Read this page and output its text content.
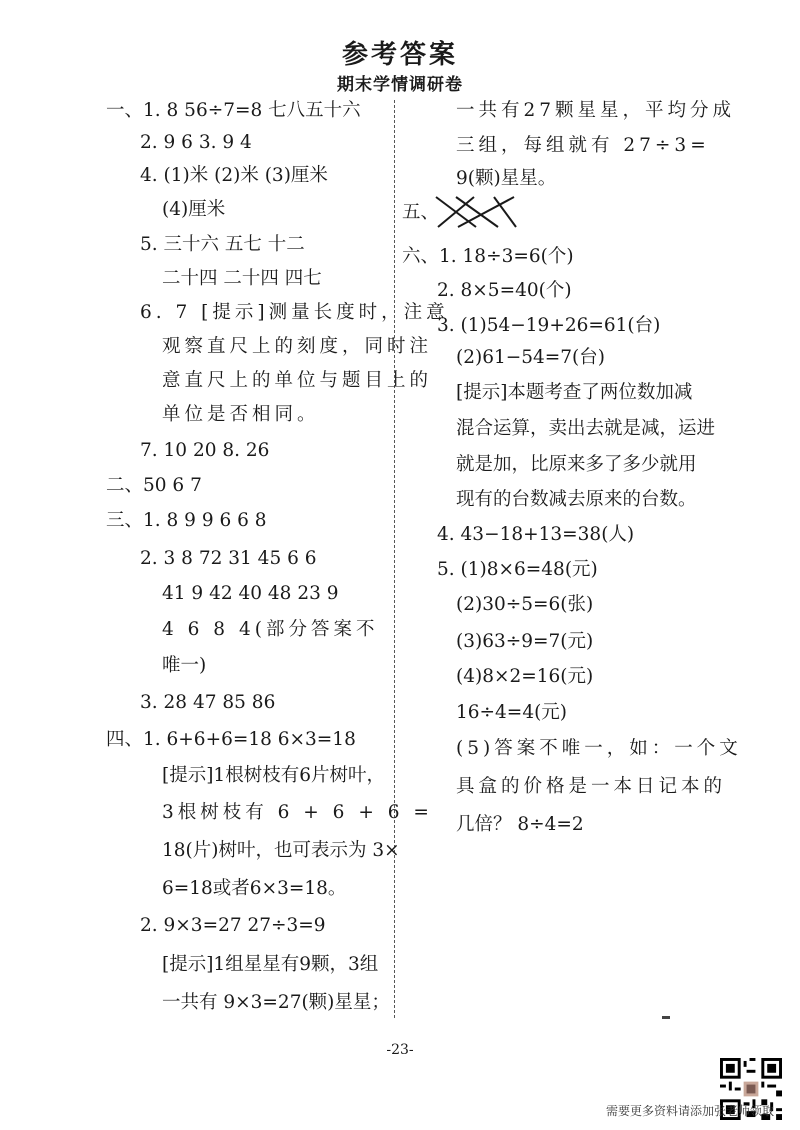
参考答案
期末学情调研卷
一、1. 8 56÷7=8 七八五十六
2. 9 6 3. 9 4
4. (1)米 (2)米 (3)厘米
(4)厘米
5. 三十六 五七 十二
二十四 二十四 四七
6. 7 [提示]测量长度时，注意
观察直尺上的刻度，同时注
意直尺上的单位与题目上的
单位是否相同。
7. 10 20 8. 26
二、50 6 7
三、1. 8 9 9 6 6 8
2. 3 8 72 31 45 6 6
41 9 42 40 48 23 9
4 6 8 4(部分答案不
唯一)
3. 28 47 85 86
四、1. 6+6+6=18 6×3=18
[提示]1根树枝有6片树叶，
3根树枝有 6 + 6 + 6 =
18(片)树叶，也可表示为 3×
6=18或者6×3=18。
2. 9×3=27 27÷3=9
[提示]1组星星有9颗，3组
一共有 9×3=27(颗)星星；
一共有27颗星星，平均分成
三组，每组就有 27÷3=
9(颗)星星。
五、
六、1. 18÷3=6(个)
2. 8×5=40(个)
3. (1)54−19+26=61(台)
(2)61−54=7(台)
[提示]本题考查了两位数加减
混合运算，卖出去就是减，运进
就是加，比原来多了多少就用
现有的台数减去原来的台数。
4. 43−18+13=38(人)
5. (1)8×6=48(元)
(2)30÷5=6(张)
(3)63÷9=7(元)
(4)8×2=16(元)
16÷4=4(元)
(5)答案不唯一，如：一个文
具盒的价格是一本日记本的
几倍？ 8÷4=2
-23-
需要更多资料请添加张老师领取
